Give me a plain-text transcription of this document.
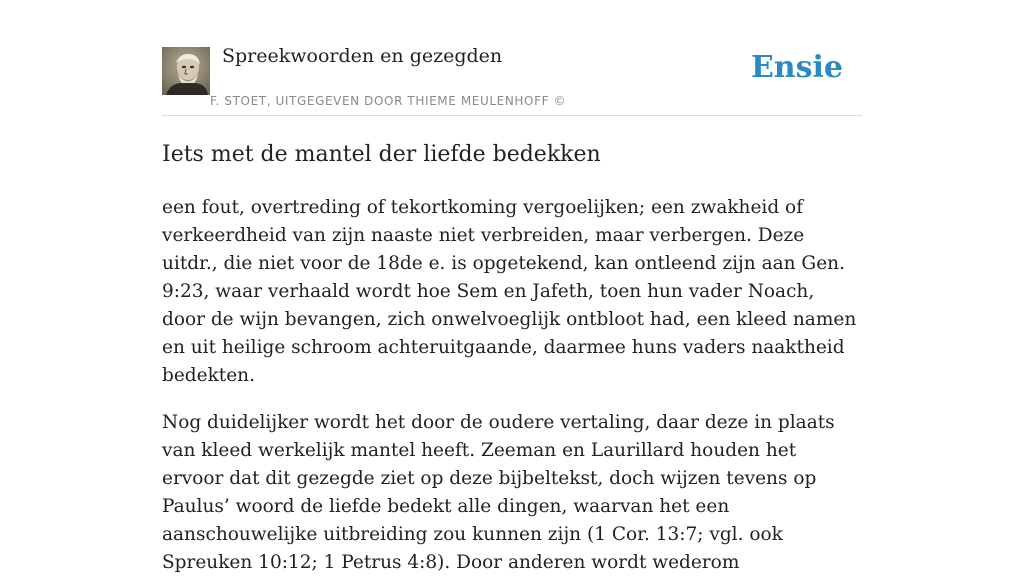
Spreekwoorden en gezegden
F. STOET, UITGEGEVEN DOOR THIEME MEULENHOFF ©
Ensie
Iets met de mantel der liefde bedekken

een fout, overtreding of tekortkoming vergoelijken; een zwakheid of verkeerdheid van zijn naaste niet verbreiden, maar verbergen. Deze uitdr., die niet voor de 18de e. is opgetekend, kan ontleend zijn aan Gen. 9:23, waar verhaald wordt hoe Sem en Jafeth, toen hun vader Noach, door de wijn bevangen, zich onwelvoeglijk ontbloot had, een kleed namen en uit heilige schroom achteruitgaande, daarmee huns vaders naaktheid bedekten.

Nog duidelijker wordt het door de oudere vertaling, daar deze in plaats van kleed werkelijk mantel heeft. Zeeman en Laurillard houden het ervoor dat dit gezegde ziet op deze bijbeltekst, doch wijzen tevens op Paulus’ woord de liefde bedekt alle dingen, waarvan het een aanschouwelijke uitbreiding zou kunnen zijn (1 Cor. 13:7; vgl. ook Spreuken 10:12; 1 Petrus 4:8). Door anderen wordt wederom
